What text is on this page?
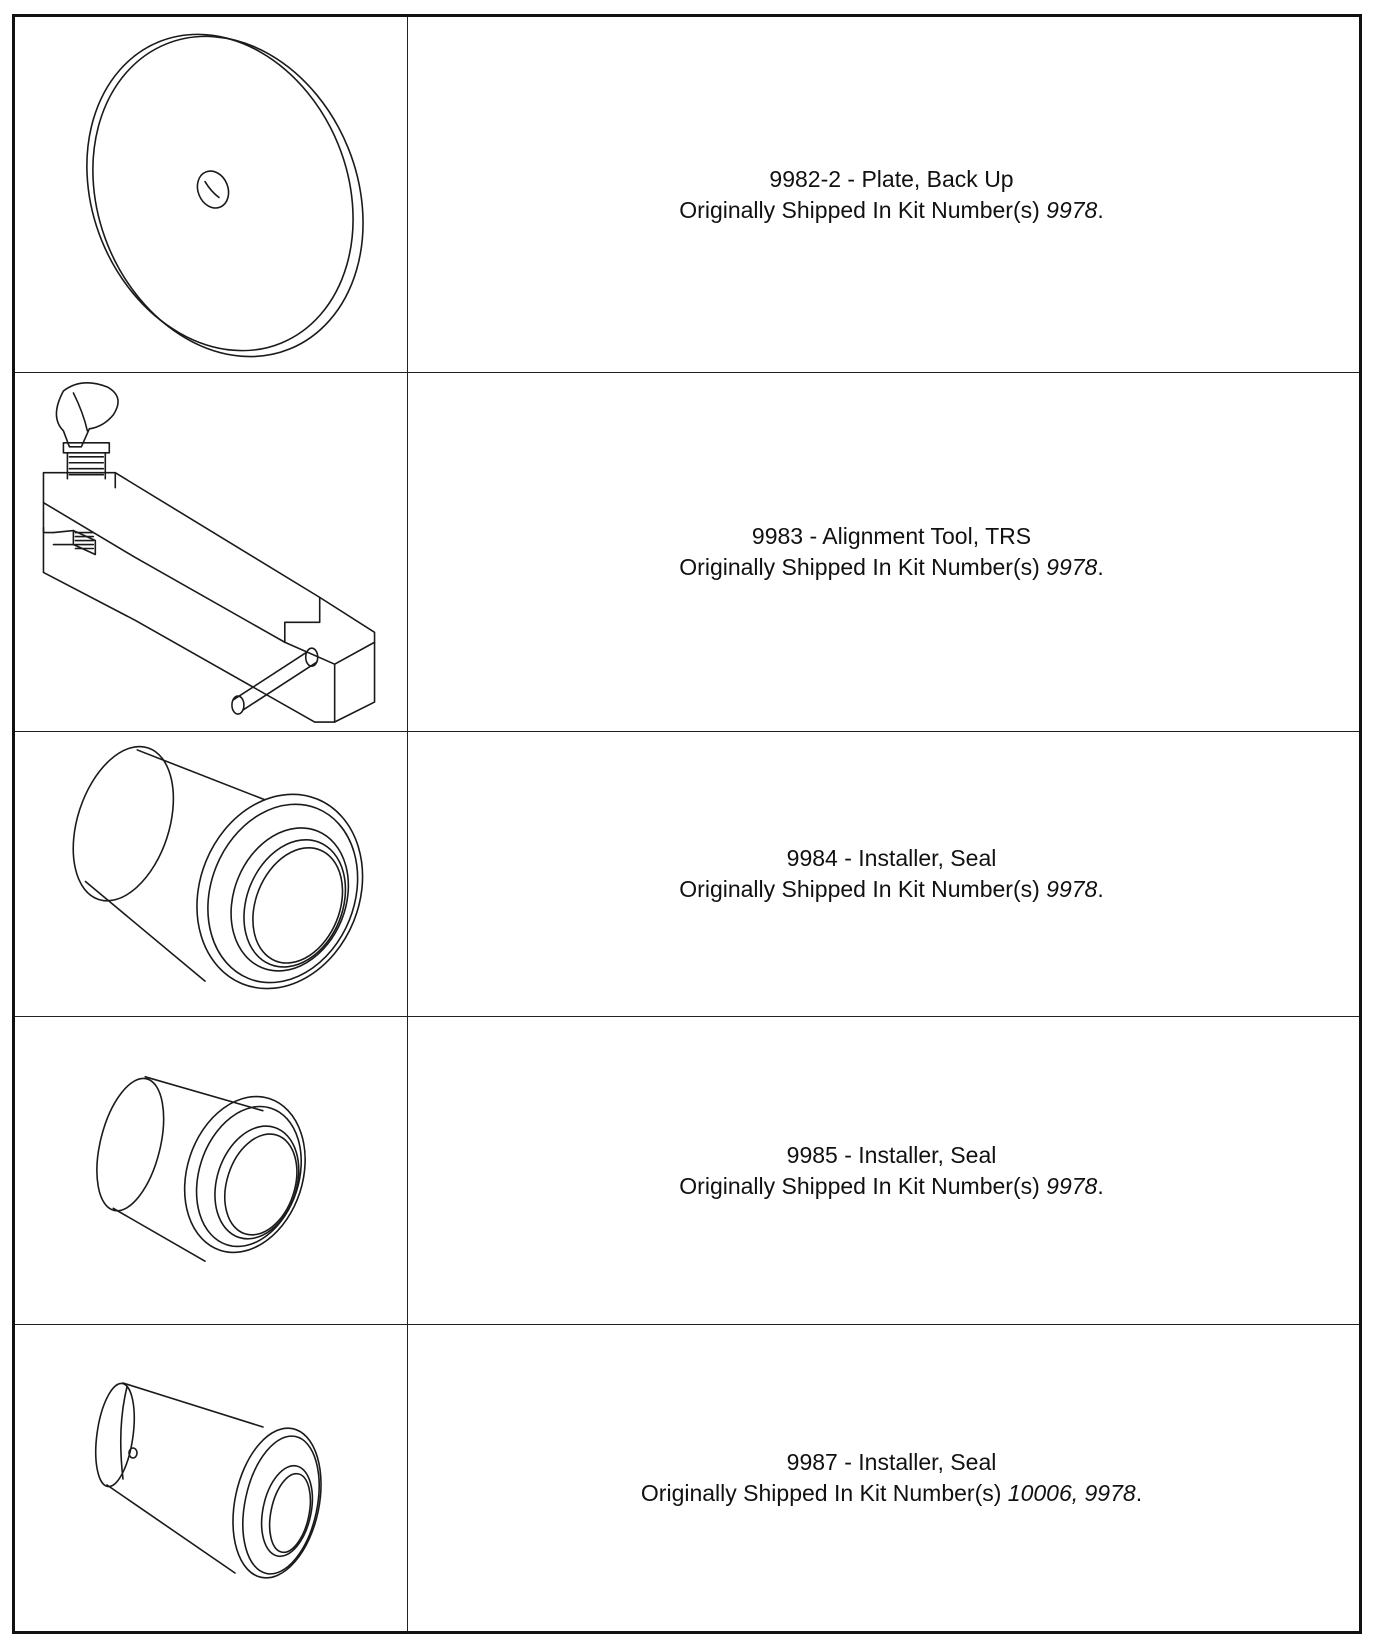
9982-2 - Plate, Back Up
Originally Shipped In Kit Number(s) 9978.
9983 - Alignment Tool, TRS
Originally Shipped In Kit Number(s) 9978.
9984 - Installer, Seal
Originally Shipped In Kit Number(s) 9978.
9985 - Installer, Seal
Originally Shipped In Kit Number(s) 9978.
9987 - Installer, Seal
Originally Shipped In Kit Number(s) 10006, 9978.
